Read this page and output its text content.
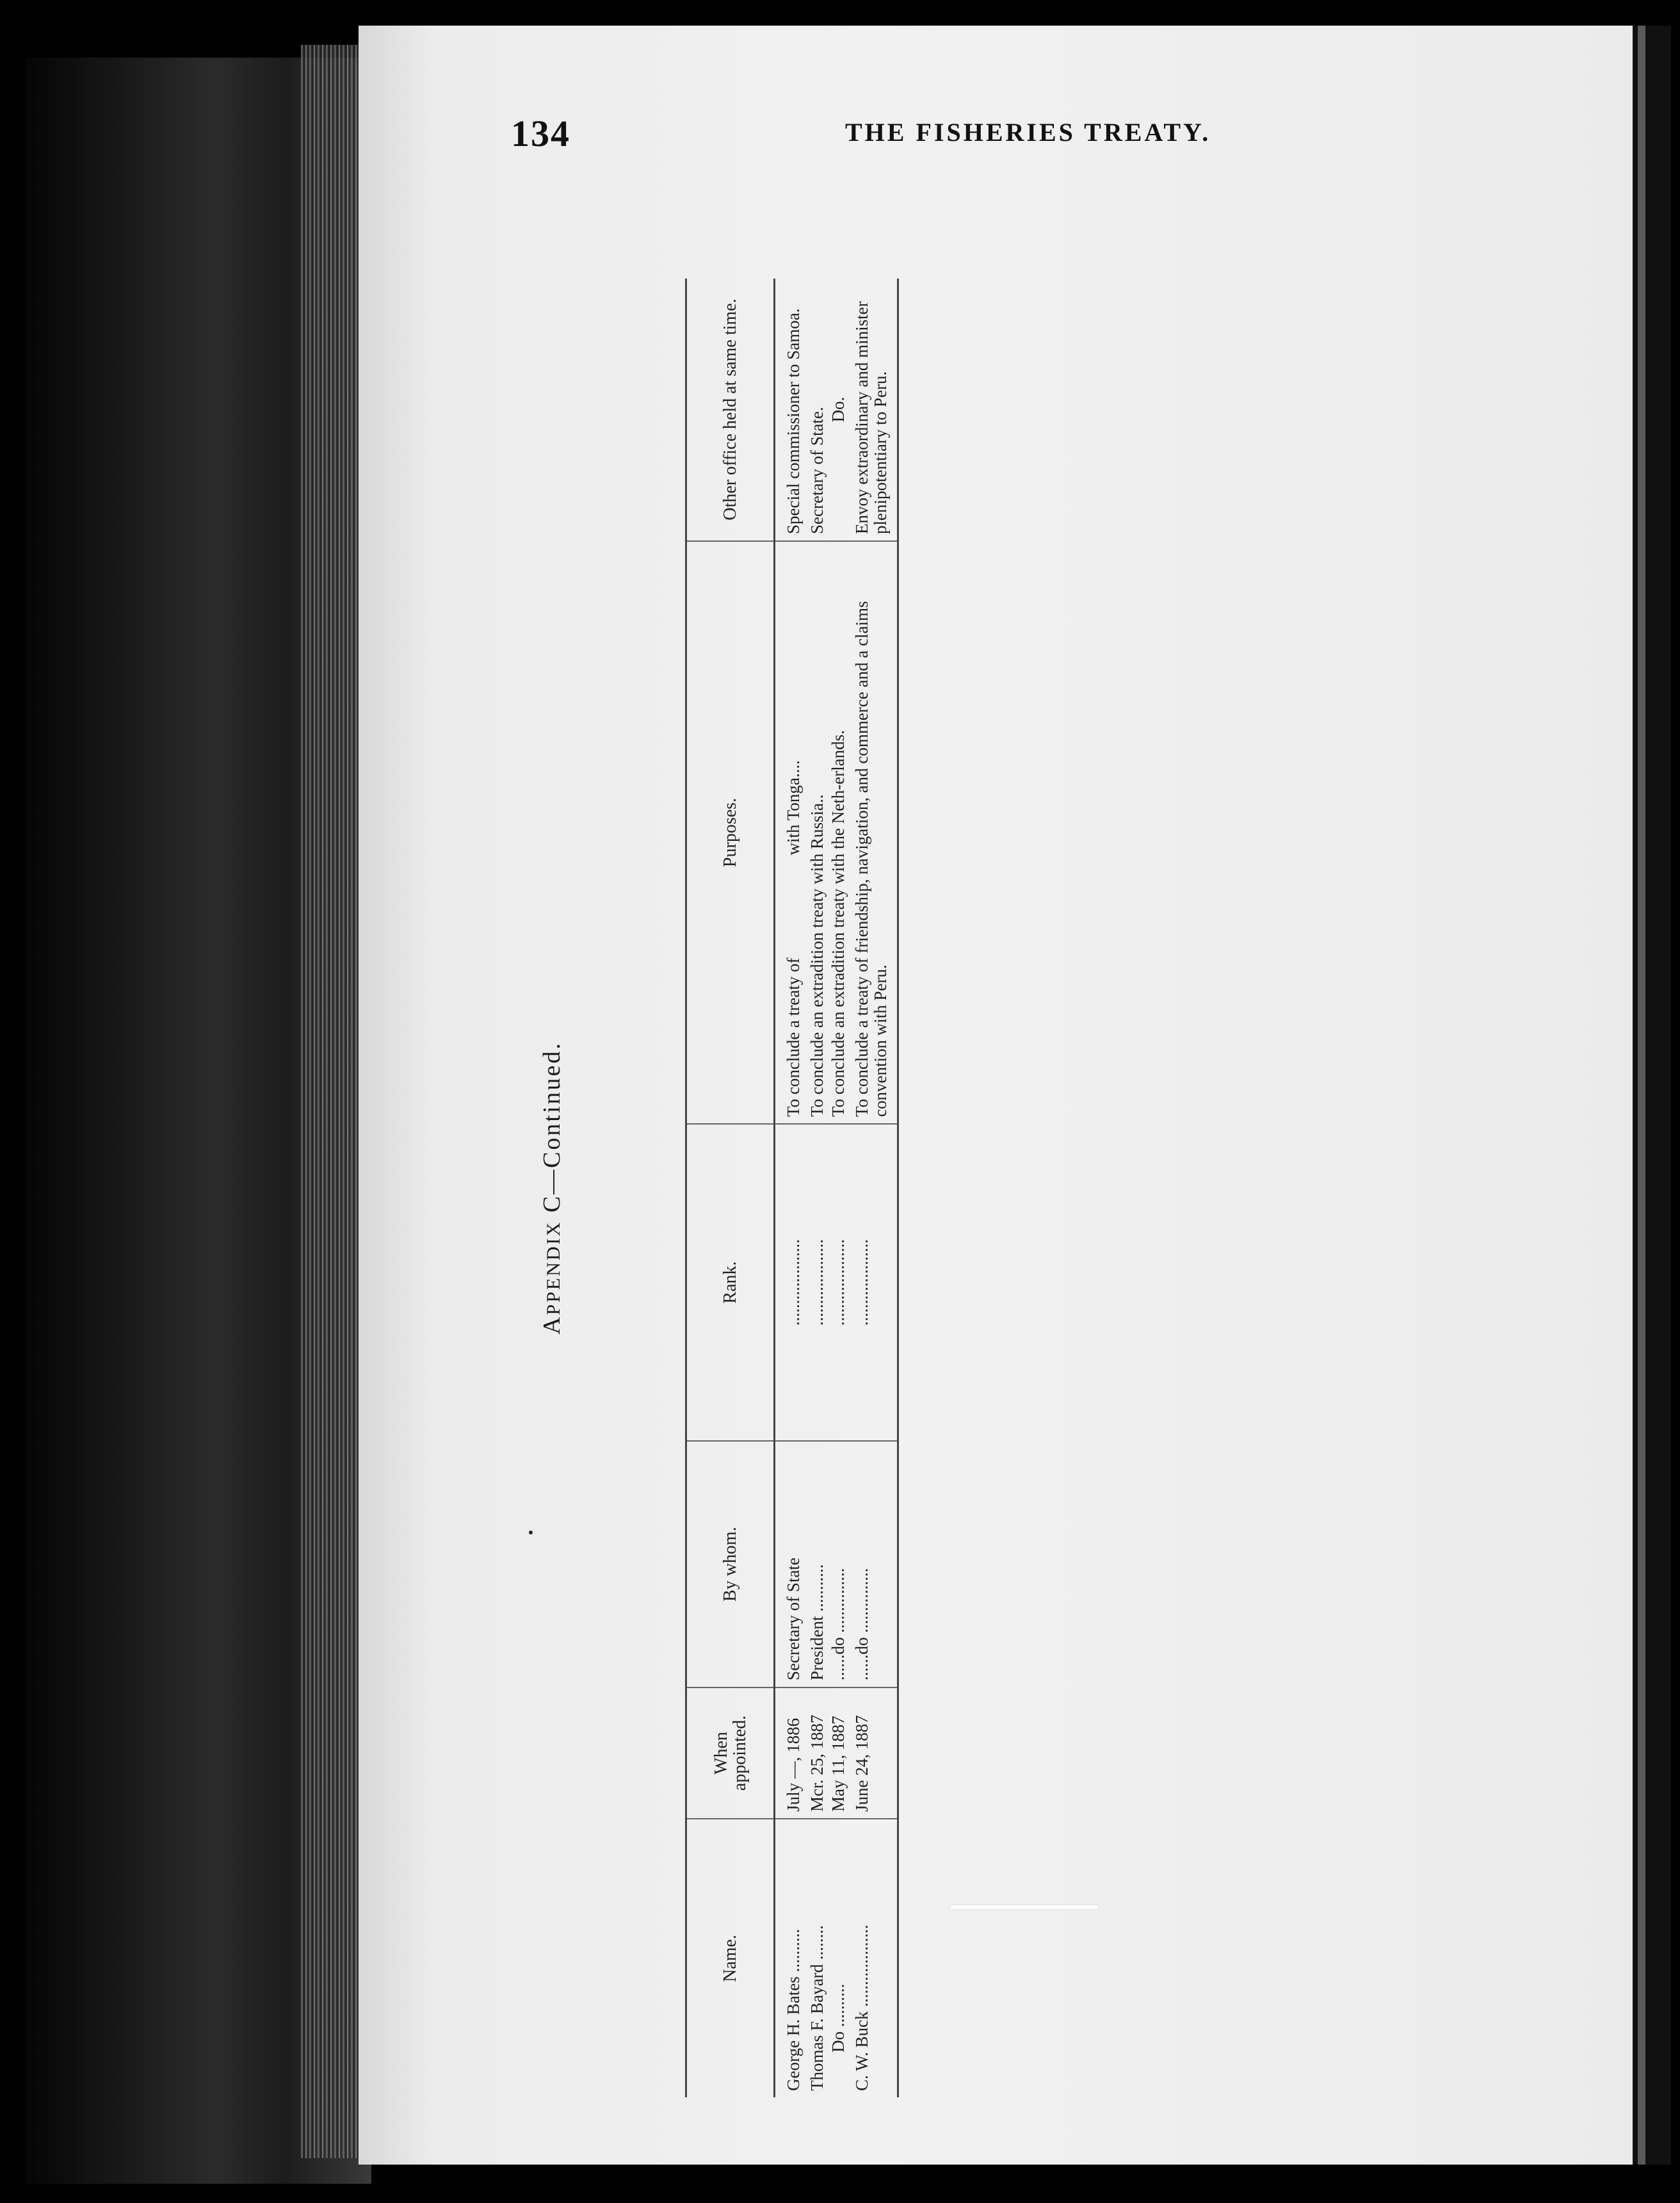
134	THE FISHERIES TREATY.
APPENDIX C—Continued.
Name.	When appointed.	By whom.	Rank.	Purposes.	Other office held at same time.
George H. Bates ..........	July —, 1886	Secretary of State	....................	To conclude a treaty ofwith Tonga....	Special commissioner to Samoa.
Thomas F. Bayard ........	Mcr. 25, 1887	President ...........	....................	To conclude an extradition treaty with Russia..	Secretary of State.
Do ..........	May 11, 1887	......do ...............	....................	To conclude an extradition treaty with the Neth-erlands.	Do.
C. W. Buck ...................	June 24, 1887	......do ...............	....................	To conclude a treaty of friendship, navigation, and commerce and a claims convention with Peru.	Envoy extraordinary and minister plenipotentiary to Peru.
